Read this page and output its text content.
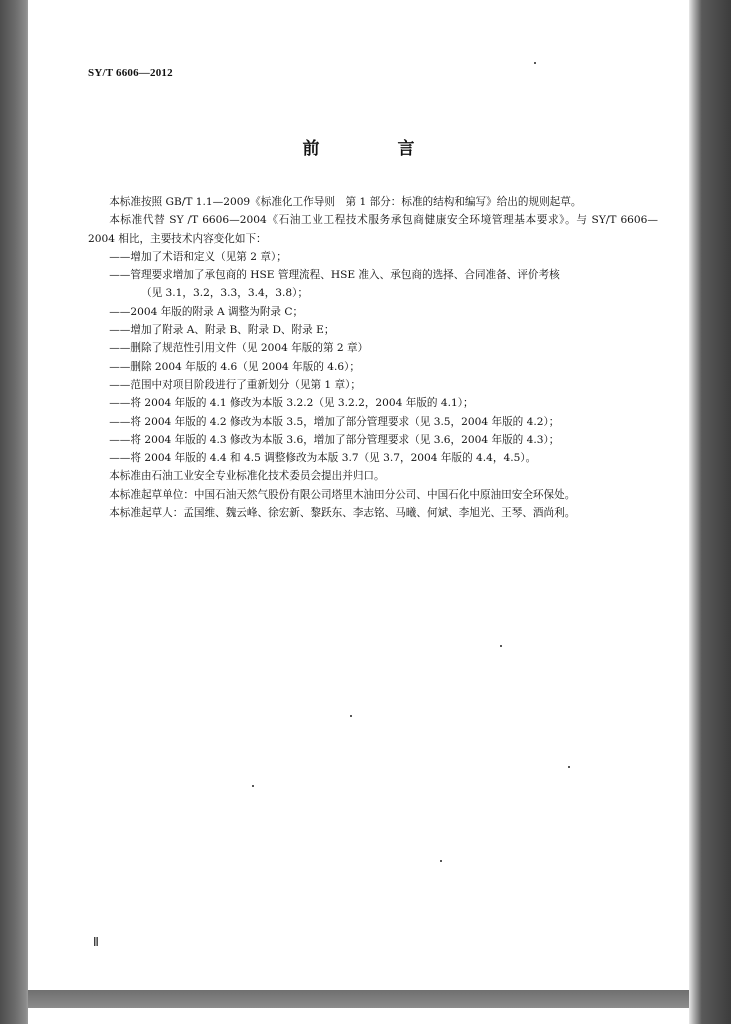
SY/T 6606—2012
前 言

本标准按照 GB/T 1.1—2009《标准化工作导则　第 1 部分：标准的结构和编写》给出的规则起草。

本标准代替 SY /T 6606—2004《石油工业工程技术服务承包商健康安全环境管理基本要求》。与 SY/T 6606—2004 相比，主要技术内容变化如下：

——增加了术语和定义（见第 2 章）；

——管理要求增加了承包商的 HSE 管理流程、HSE 准入、承包商的选择、合同准备、评价考核
（见 3.1，3.2，3.3，3.4，3.8）；

——2004 年版的附录 A 调整为附录 C；

——增加了附录 A、附录 B、附录 D、附录 E；

——删除了规范性引用文件（见 2004 年版的第 2 章）

——删除 2004 年版的 4.6（见 2004 年版的 4.6）；

——范围中对项目阶段进行了重新划分（见第 1 章）；

——将 2004 年版的 4.1 修改为本版 3.2.2（见 3.2.2，2004 年版的 4.1）；

——将 2004 年版的 4.2 修改为本版 3.5，增加了部分管理要求（见 3.5，2004 年版的 4.2）；

——将 2004 年版的 4.3 修改为本版 3.6，增加了部分管理要求（见 3.6，2004 年版的 4.3）；

——将 2004 年版的 4.4 和 4.5 调整修改为本版 3.7（见 3.7，2004 年版的 4.4，4.5）。

本标准由石油工业安全专业标准化技术委员会提出并归口。

本标准起草单位：中国石油天然气股份有限公司塔里木油田分公司、中国石化中原油田安全环保处。

本标准起草人：孟国维、魏云峰、徐宏新、黎跃东、李志铭、马曦、何斌、李旭光、王琴、酒尚利。

Ⅱ
